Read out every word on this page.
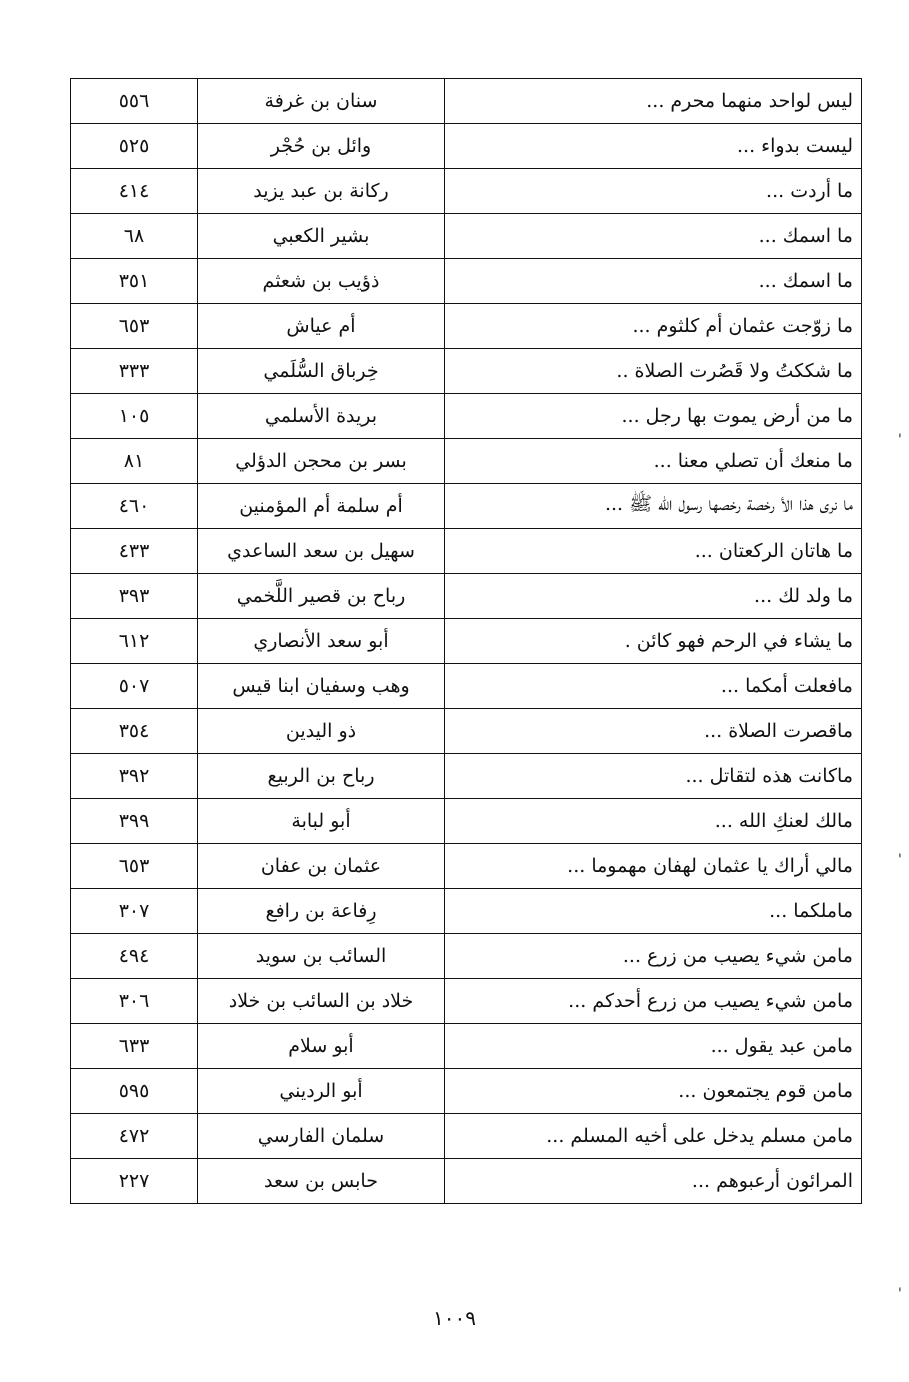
ليس لواحد منهما محرم ...	سنان بن غرفة	٥٥٦
ليست بدواء ...	وائل بن حُجْر	٥٢٥
ما أردت ...	ركانة بن عبد يزيد	٤١٤
ما اسمك ...	بشير الكعبي	٦٨
ما اسمك ...	ذؤيب بن شعثم	٣٥١
ما زوّجت عثمان أم كلثوم ...	أم عياش	٦٥٣
ما شككتُ ولا قَصُرت الصلاة ..	خِرباق السُّلَمي	٣٣٣
ما من أرض يموت بها رجل ...	بريدة الأسلمي	١٠٥
ما منعك أن تصلي معنا ...	بسر بن محجن الدؤلي	٨١
ما نرى هذا الأ رخصة رخصها رسول الله ﷺ ...	أم سلمة أم المؤمنين	٤٦٠
ما هاتان الركعتان ...	سهيل بن سعد الساعدي	٤٣٣
ما ولد لك ...	رباح بن قصير اللَّخمي	٣٩٣
ما يشاء في الرحم فهو كائن .	أبو سعد الأنصاري	٦١٢
مافعلت أمكما ...	وهب وسفيان ابنا قيس	٥٠٧
ماقصرت الصلاة ...	ذو اليدين	٣٥٤
ماكانت هذه لتقاتل ...	رباح بن الربيع	٣٩٢
مالك لعنكِ الله ...	أبو لبابة	٣٩٩
مالي أراك يا عثمان لهفان مهموما ...	عثمان بن عفان	٦٥٣
ماملكما ...	رِفاعة بن رافع	٣٠٧
مامن شيء يصيب من زرع ...	السائب بن سويد	٤٩٤
مامن شيء يصيب من زرع أحدكم ...	خلاد بن السائب بن خلاد	٣٠٦
مامن عبد يقول ...	أبو سلام	٦٣٣
مامن قوم يجتمعون ...	أبو الرديني	٥٩٥
مامن مسلم يدخل على أخيه المسلم ...	سلمان الفارسي	٤٧٢
المرائون أرعبوهم ...	حابس بن سعد	٢٢٧
'
'
'
١٠٠٩
